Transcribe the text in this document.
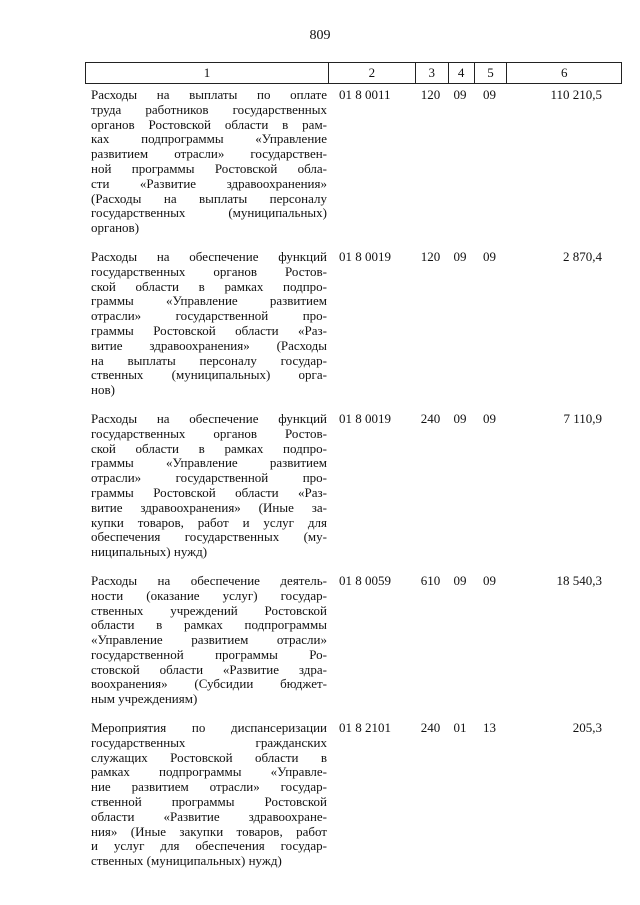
809
1	2	3	4	5	6
Расходы на выплаты по оплате
труда работников государственных
органов Ростовской области в рам-
ках подпрограммы «Управление
развитием отрасли» государствен-
ной программы Ростовской обла-
сти «Развитие здравоохранения»
(Расходы на выплаты персоналу
государственных (муниципальных)
органов)
01 8 0011	120	09	09	110 210,5
Расходы на обеспечение функций
государственных органов Ростов-
ской области в рамках подпро-
граммы «Управление развитием
отрасли» государственной про-
граммы Ростовской области «Раз-
витие здравоохранения» (Расходы
на выплаты персоналу государ-
ственных (муниципальных) орга-
нов)
01 8 0019	120	09	09	2 870,4
Расходы на обеспечение функций
государственных органов Ростов-
ской области в рамках подпро-
граммы «Управление развитием
отрасли» государственной про-
граммы Ростовской области «Раз-
витие здравоохранения» (Иные за-
купки товаров, работ и услуг для
обеспечения государственных (му-
ниципальных) нужд)
01 8 0019	240	09	09	7 110,9
Расходы на обеспечение деятель-
ности (оказание услуг) государ-
ственных учреждений Ростовской
области в рамках подпрограммы
«Управление развитием отрасли»
государственной программы Ро-
стовской области «Развитие здра-
воохранения» (Субсидии бюджет-
ным учреждениям)
01 8 0059	610	09	09	18 540,3
Мероприятия по диспансеризации
государственных гражданских
служащих Ростовской области в
рамках подпрограммы «Управле-
ние развитием отрасли» государ-
ственной программы Ростовской
области «Развитие здравоохране-
ния» (Иные закупки товаров, работ
и услуг для обеспечения государ-
ственных (муниципальных) нужд)
01 8 2101	240	01	13	205,3
